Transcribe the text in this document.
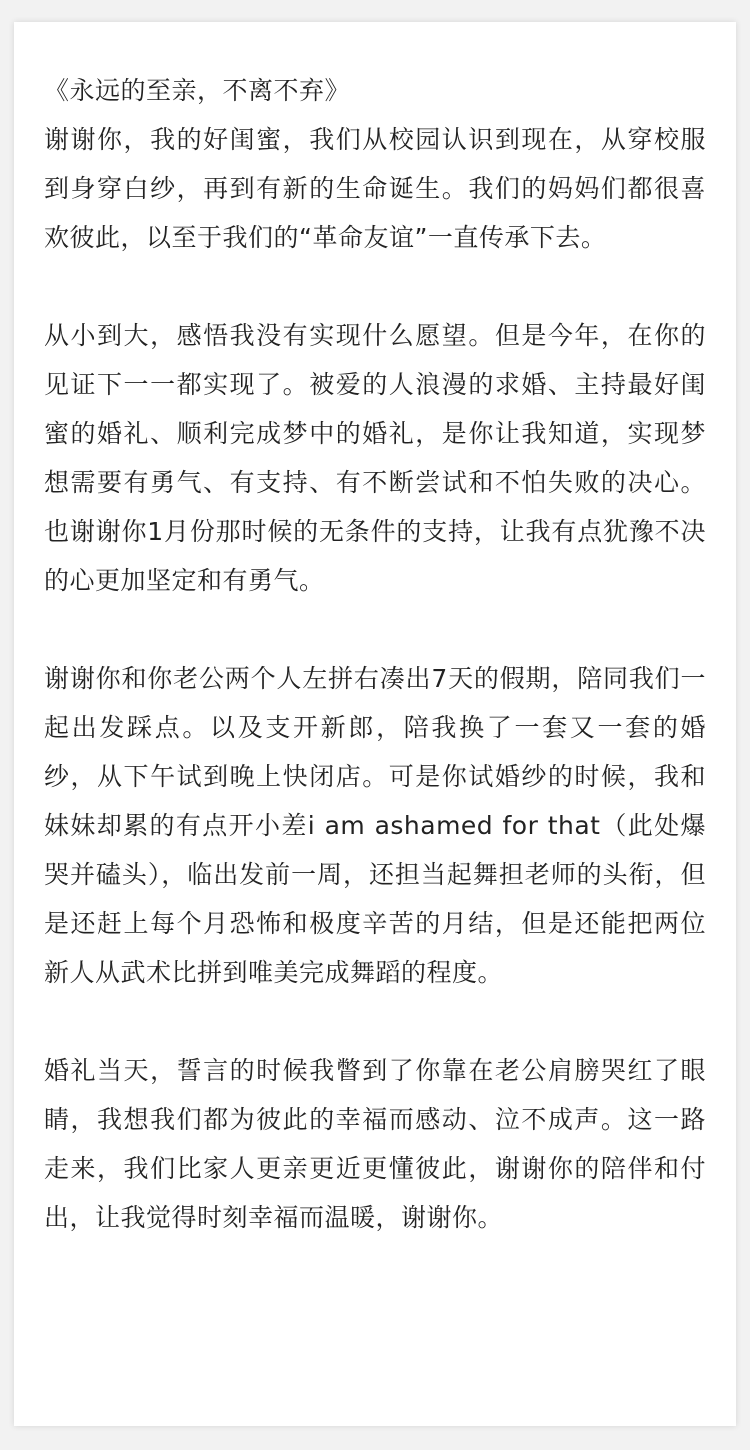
《永远的至亲，不离不弃》

谢谢你，我的好闺蜜，我们从校园认识到现在，从穿校服到身穿白纱，再到有新的生命诞生。我们的妈妈们都很喜欢彼此，以至于我们的“革命友谊”一直传承下去。

从小到大，感悟我没有实现什么愿望。但是今年，在你的见证下一一都实现了。被爱的人浪漫的求婚、主持最好闺蜜的婚礼、顺利完成梦中的婚礼，是你让我知道，实现梦想需要有勇气、有支持、有不断尝试和不怕失败的决心。也谢谢你1月份那时候的无条件的支持，让我有点犹豫不决的心更加坚定和有勇气。

谢谢你和你老公两个人左拼右凑出7天的假期，陪同我们一起出发踩点。以及支开新郎，陪我换了一套又一套的婚纱，从下午试到晚上快闭店。可是你试婚纱的时候，我和妹妹却累的有点开小差i am ashamed for that（此处爆哭并磕头），临出发前一周，还担当起舞担老师的头衔，但是还赶上每个月恐怖和极度辛苦的月结，但是还能把两位新人从武术比拼到唯美完成舞蹈的程度。

婚礼当天，誓言的时候我瞥到了你靠在老公肩膀哭红了眼睛，我想我们都为彼此的幸福而感动、泣不成声。这一路走来，我们比家人更亲更近更懂彼此，谢谢你的陪伴和付出，让我觉得时刻幸福而温暖，谢谢你。
